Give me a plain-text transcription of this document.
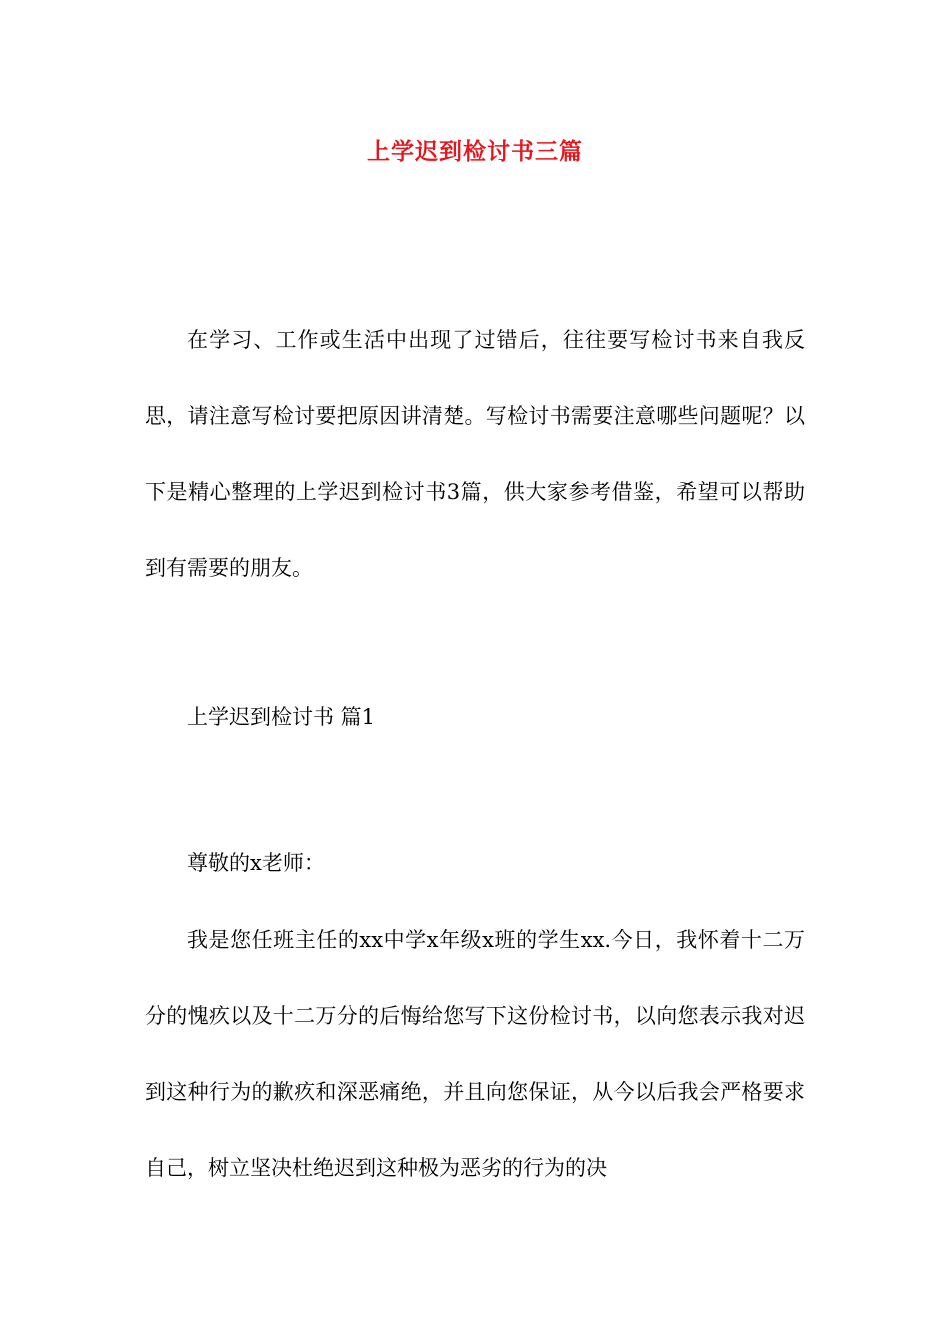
上学迟到检讨书三篇

在学习、工作或生活中出现了过错后，往往要写检讨书来自我反思，请注意写检讨要把原因讲清楚。写检讨书需要注意哪些问题呢？以下是精心整理的上学迟到检讨书3篇，供大家参考借鉴，希望可以帮助到有需要的朋友。

上学迟到检讨书 篇1

尊敬的x老师：

我是您任班主任的xx中学x年级x班的学生xx.今日，我怀着十二万分的愧疚以及十二万分的后悔给您写下这份检讨书，以向您表示我对迟到这种行为的歉疚和深恶痛绝，并且向您保证，从今以后我会严格要求自己，树立坚决杜绝迟到这种极为恶劣的行为的决
